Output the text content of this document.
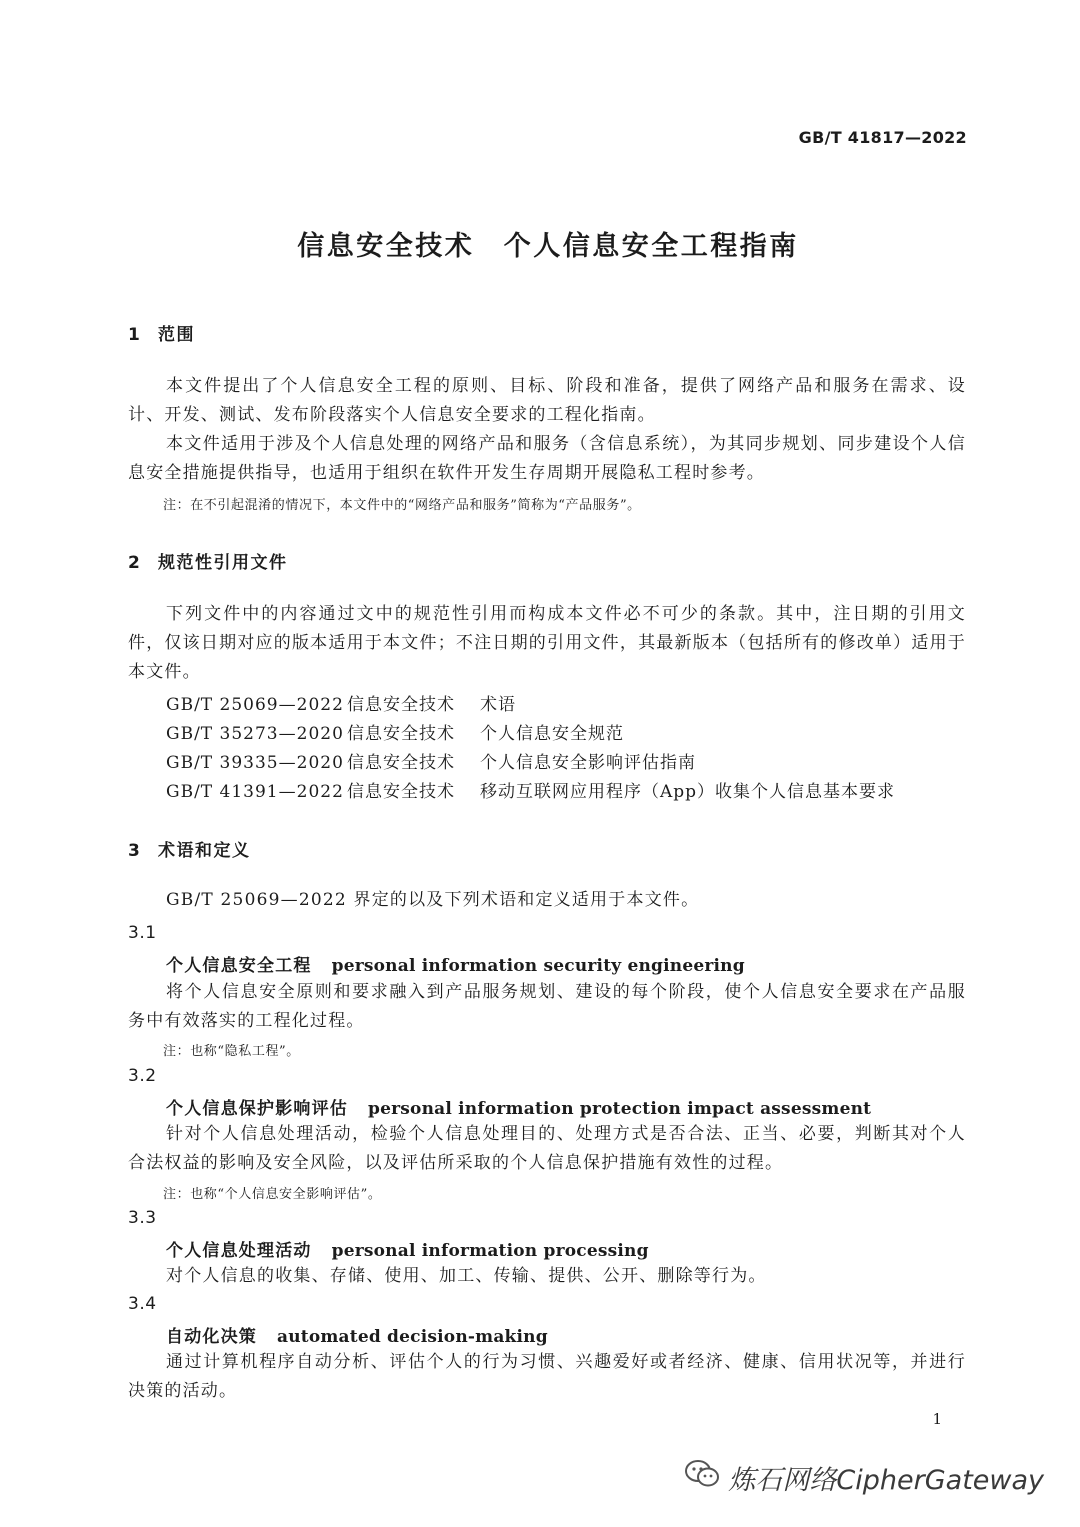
GB/T 41817—2022
信息安全技术　个人信息安全工程指南
1 范围
本文件提出了个人信息安全工程的原则、目标、阶段和准备，提供了网络产品和服务在需求、设计、开发、测试、发布阶段落实个人信息安全要求的工程化指南。
本文件适用于涉及个人信息处理的网络产品和服务（含信息系统），为其同步规划、同步建设个人信息安全措施提供指导，也适用于组织在软件开发生存周期开展隐私工程时参考。
注：在不引起混淆的情况下，本文件中的“网络产品和服务”简称为“产品服务”。
2 规范性引用文件
下列文件中的内容通过文中的规范性引用而构成本文件必不可少的条款。其中，注日期的引用文件，仅该日期对应的版本适用于本文件；不注日期的引用文件，其最新版本（包括所有的修改单）适用于本文件。
GB/T 25069—2022 信息安全技术 术语
GB/T 35273—2020 信息安全技术 个人信息安全规范
GB/T 39335—2020 信息安全技术 个人信息安全影响评估指南
GB/T 41391—2022 信息安全技术 移动互联网应用程序（App）收集个人信息基本要求
3 术语和定义
GB/T 25069—2022 界定的以及下列术语和定义适用于本文件。
3.1
个人信息安全工程 personal information security engineering
将个人信息安全原则和要求融入到产品服务规划、建设的每个阶段，使个人信息安全要求在产品服务中有效落实的工程化过程。
注：也称“隐私工程”。
3.2
个人信息保护影响评估 personal information protection impact assessment
针对个人信息处理活动，检验个人信息处理目的、处理方式是否合法、正当、必要，判断其对个人合法权益的影响及安全风险，以及评估所采取的个人信息保护措施有效性的过程。
注：也称“个人信息安全影响评估”。
3.3
个人信息处理活动 personal information processing
对个人信息的收集、存储、使用、加工、传输、提供、公开、删除等行为。
3.4
自动化决策 automated decision-making
通过计算机程序自动分析、评估个人的行为习惯、兴趣爱好或者经济、健康、信用状况等，并进行决策的活动。
1
炼石网络CipherGateway
